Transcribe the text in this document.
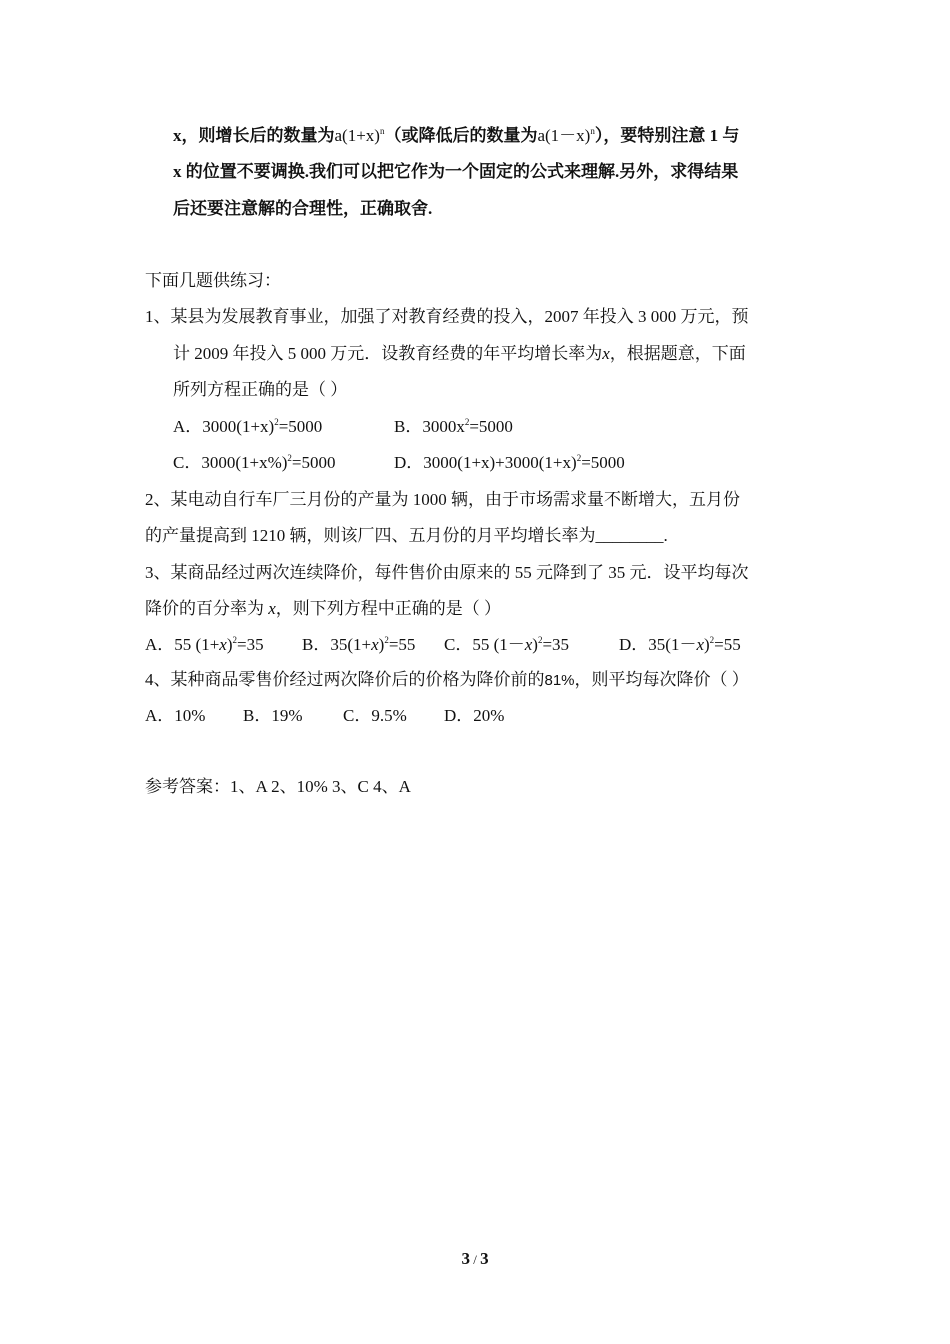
x，则增长后的数量为$a(1+x)^n$（或降低后的数量为$a(1-x)^n$），要特别注意 1 与
x 的位置不要调换.我们可以把它作为一个固定的公式来理解.另外，求得结果
后还要注意解的合理性，正确取舍.
下面几题供练习：
1、某县为发展教育事业，加强了对教育经费的投入，2007 年投入 3 000 万元，预
计 2009 年投入 5 000 万元．设教育经费的年平均增长率为x，根据题意，下面
所列方程正确的是（ ）
A．$3000(1+x)^2=5000$	B．$3000x^2=5000$
C．$3000(1+x\%)^2=5000$	D．$3000(1+x)+3000(1+x)^2=5000$
2、某电动自行车厂三月份的产量为 1000 辆，由于市场需求量不断增大，五月份
的产量提高到 1210 辆，则该厂四、五月份的月平均增长率为________.
3、某商品经过两次连续降价，每件售价由原来的 55 元降到了 35 元．设平均每次
降价的百分率为 x，则下列方程中正确的是（ ）
A．55 $(1+x)^2=35$ B．$35(1+x)^2=55$ C．55 $(1-x)^2=35$	D．$35(1-x)^2=55$
4、某种商品零售价经过两次降价后的价格为降价前的81%，则平均每次降价（ ）
A．10% B．19% C．9.5% D．20%
参考答案：1、A 2、10% 3、C 4、A
3 / 3
